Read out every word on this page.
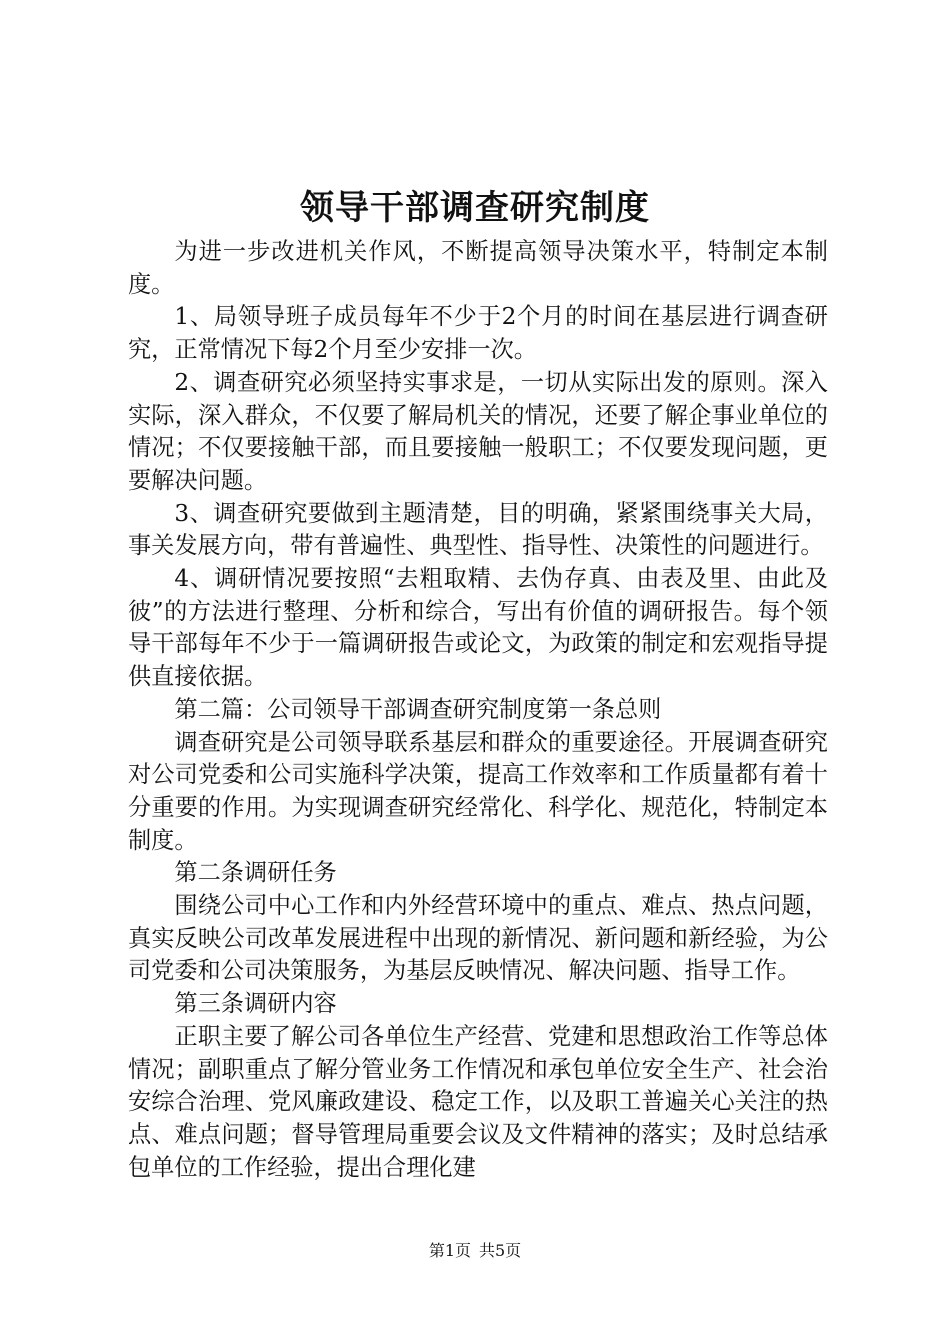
领导干部调查研究制度

为进一步改进机关作风，不断提高领导决策水平，特制定本制度。

1、局领导班子成员每年不少于2个月的时间在基层进行调查研究，正常情况下每2个月至少安排一次。

2、调查研究必须坚持实事求是，一切从实际出发的原则。深入实际，深入群众，不仅要了解局机关的情况，还要了解企事业单位的情况；不仅要接触干部，而且要接触一般职工；不仅要发现问题，更要解决问题。

3、调查研究要做到主题清楚，目的明确，紧紧围绕事关大局，事关发展方向，带有普遍性、典型性、指导性、决策性的问题进行。

4、调研情况要按照“去粗取精、去伪存真、由表及里、由此及彼”的方法进行整理、分析和综合，写出有价值的调研报告。每个领导干部每年不少于一篇调研报告或论文，为政策的制定和宏观指导提供直接依据。

第二篇：公司领导干部调查研究制度第一条总则

调查研究是公司领导联系基层和群众的重要途径。开展调查研究对公司党委和公司实施科学决策，提高工作效率和工作质量都有着十分重要的作用。为实现调查研究经常化、科学化、规范化，特制定本制度。

第二条调研任务

围绕公司中心工作和内外经营环境中的重点、难点、热点问题，真实反映公司改革发展进程中出现的新情况、新问题和新经验，为公司党委和公司决策服务，为基层反映情况、解决问题、指导工作。

第三条调研内容

正职主要了解公司各单位生产经营、党建和思想政治工作等总体情况；副职重点了解分管业务工作情况和承包单位安全生产、社会治安综合治理、党风廉政建设、稳定工作，以及职工普遍关心关注的热点、难点问题；督导管理局重要会议及文件精神的落实；及时总结承包单位的工作经验，提出合理化建

第1页 共5页
